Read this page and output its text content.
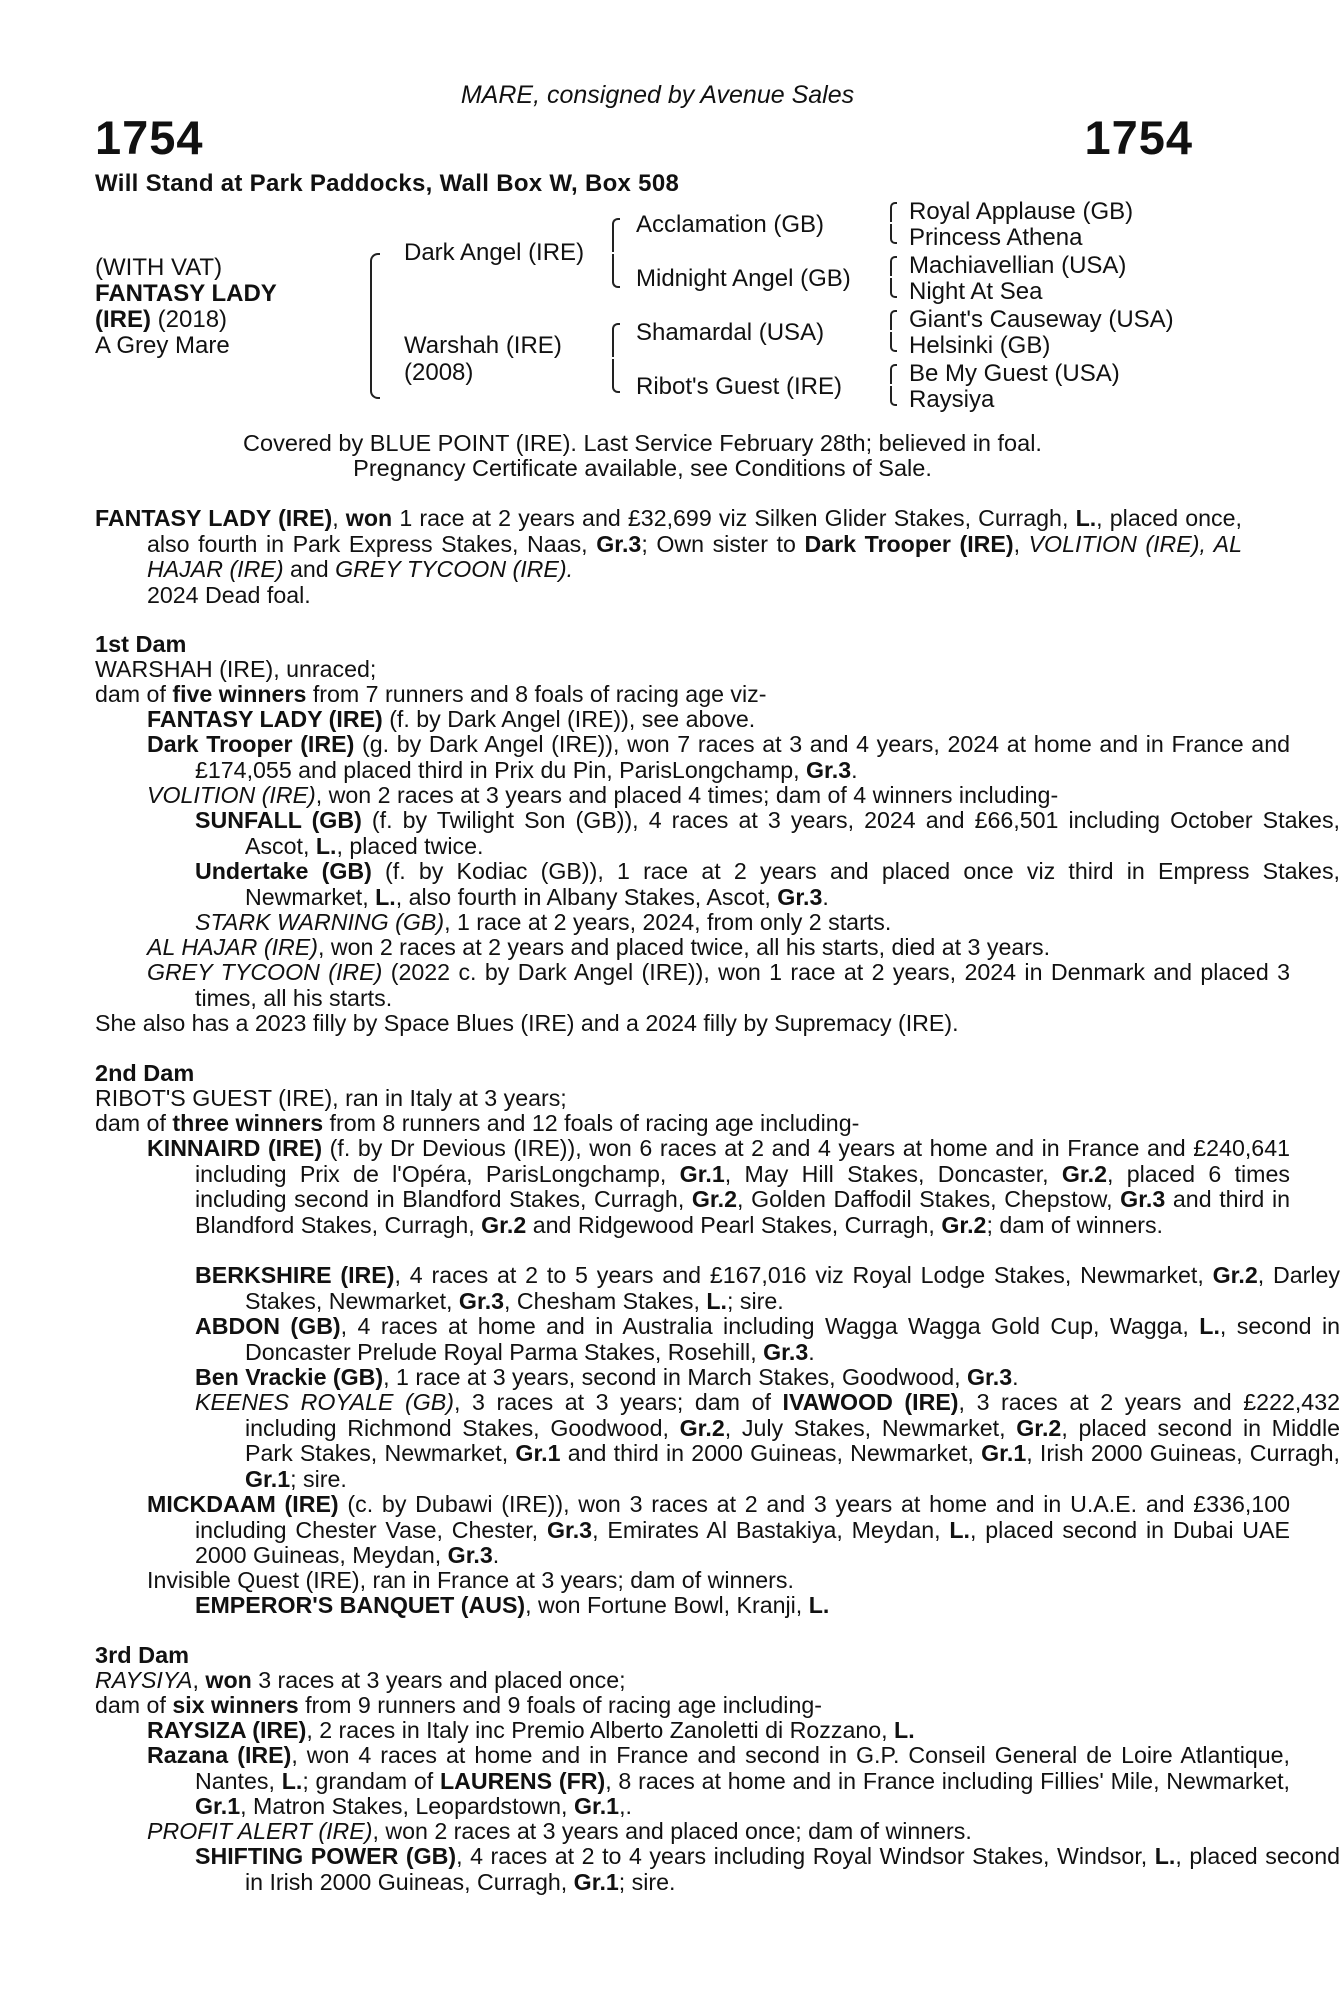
MARE, consigned by Avenue Sales
1754	1754
Will Stand at Park Paddocks, Wall Box W, Box 508
(WITH VAT)
FANTASY LADY
(IRE) (2018)
A Grey Mare
Dark Angel (IRE)
Warshah (IRE)
(2008)
Acclamation (GB)
Midnight Angel (GB)
Shamardal (USA)
Ribot's Guest (IRE)
Royal Applause (GB)
Princess Athena
Machiavellian (USA)
Night At Sea
Giant's Causeway (USA)
Helsinki (GB)
Be My Guest (USA)
Raysiya
Covered by BLUE POINT (IRE). Last Service February 28th; believed in foal.
Pregnancy Certificate available, see Conditions of Sale.
FANTASY LADY (IRE), won 1 race at 2 years and £32,699 viz Silken Glider Stakes, Curragh, L., placed once, also fourth in Park Express Stakes, Naas, Gr.3; Own sister to Dark Trooper (IRE), VOLITION (IRE), AL HAJAR (IRE) and GREY TYCOON (IRE).
2024 Dead foal.
1st Dam
WARSHAH (IRE), unraced;
dam of five winners from 7 runners and 8 foals of racing age viz-
FANTASY LADY (IRE) (f. by Dark Angel (IRE)), see above.
Dark Trooper (IRE) (g. by Dark Angel (IRE)), won 7 races at 3 and 4 years, 2024 at home and in France and £174,055 and placed third in Prix du Pin, ParisLongchamp, Gr.3.
VOLITION (IRE), won 2 races at 3 years and placed 4 times; dam of 4 winners including-
SUNFALL (GB) (f. by Twilight Son (GB)), 4 races at 3 years, 2024 and £66,501 including October Stakes, Ascot, L., placed twice.
Undertake (GB) (f. by Kodiac (GB)), 1 race at 2 years and placed once viz third in Empress Stakes, Newmarket, L., also fourth in Albany Stakes, Ascot, Gr.3.
STARK WARNING (GB), 1 race at 2 years, 2024, from only 2 starts.
AL HAJAR (IRE), won 2 races at 2 years and placed twice, all his starts, died at 3 years.
GREY TYCOON (IRE) (2022 c. by Dark Angel (IRE)), won 1 race at 2 years, 2024 in Denmark and placed 3 times, all his starts.
She also has a 2023 filly by Space Blues (IRE) and a 2024 filly by Supremacy (IRE).
2nd Dam
RIBOT'S GUEST (IRE), ran in Italy at 3 years;
dam of three winners from 8 runners and 12 foals of racing age including-
KINNAIRD (IRE) (f. by Dr Devious (IRE)), won 6 races at 2 and 4 years at home and in France and £240,641 including Prix de l'Opéra, ParisLongchamp, Gr.1, May Hill Stakes, Doncaster, Gr.2, placed 6 times including second in Blandford Stakes, Curragh, Gr.2, Golden Daffodil Stakes, Chepstow, Gr.3 and third in Blandford Stakes, Curragh, Gr.2 and Ridgewood Pearl Stakes, Curragh, Gr.2; dam of winners.
BERKSHIRE (IRE), 4 races at 2 to 5 years and £167,016 viz Royal Lodge Stakes, Newmarket, Gr.2, Darley Stakes, Newmarket, Gr.3, Chesham Stakes, L.; sire.
ABDON (GB), 4 races at home and in Australia including Wagga Wagga Gold Cup, Wagga, L., second in Doncaster Prelude Royal Parma Stakes, Rosehill, Gr.3.
Ben Vrackie (GB), 1 race at 3 years, second in March Stakes, Goodwood, Gr.3.
KEENES ROYALE (GB), 3 races at 3 years; dam of IVAWOOD (IRE), 3 races at 2 years and £222,432 including Richmond Stakes, Goodwood, Gr.2, July Stakes, Newmarket, Gr.2, placed second in Middle Park Stakes, Newmarket, Gr.1 and third in 2000 Guineas, Newmarket, Gr.1, Irish 2000 Guineas, Curragh, Gr.1; sire.
MICKDAAM (IRE) (c. by Dubawi (IRE)), won 3 races at 2 and 3 years at home and in U.A.E. and £336,100 including Chester Vase, Chester, Gr.3, Emirates Al Bastakiya, Meydan, L., placed second in Dubai UAE 2000 Guineas, Meydan, Gr.3.
Invisible Quest (IRE), ran in France at 3 years; dam of winners.
EMPEROR'S BANQUET (AUS), won Fortune Bowl, Kranji, L.
3rd Dam
RAYSIYA, won 3 races at 3 years and placed once;
dam of six winners from 9 runners and 9 foals of racing age including-
RAYSIZA (IRE), 2 races in Italy inc Premio Alberto Zanoletti di Rozzano, L.
Razana (IRE), won 4 races at home and in France and second in G.P. Conseil General de Loire Atlantique, Nantes, L.; grandam of LAURENS (FR), 8 races at home and in France including Fillies' Mile, Newmarket, Gr.1, Matron Stakes, Leopardstown, Gr.1,.
PROFIT ALERT (IRE), won 2 races at 3 years and placed once; dam of winners.
SHIFTING POWER (GB), 4 races at 2 to 4 years including Royal Windsor Stakes, Windsor, L., placed second in Irish 2000 Guineas, Curragh, Gr.1; sire.
